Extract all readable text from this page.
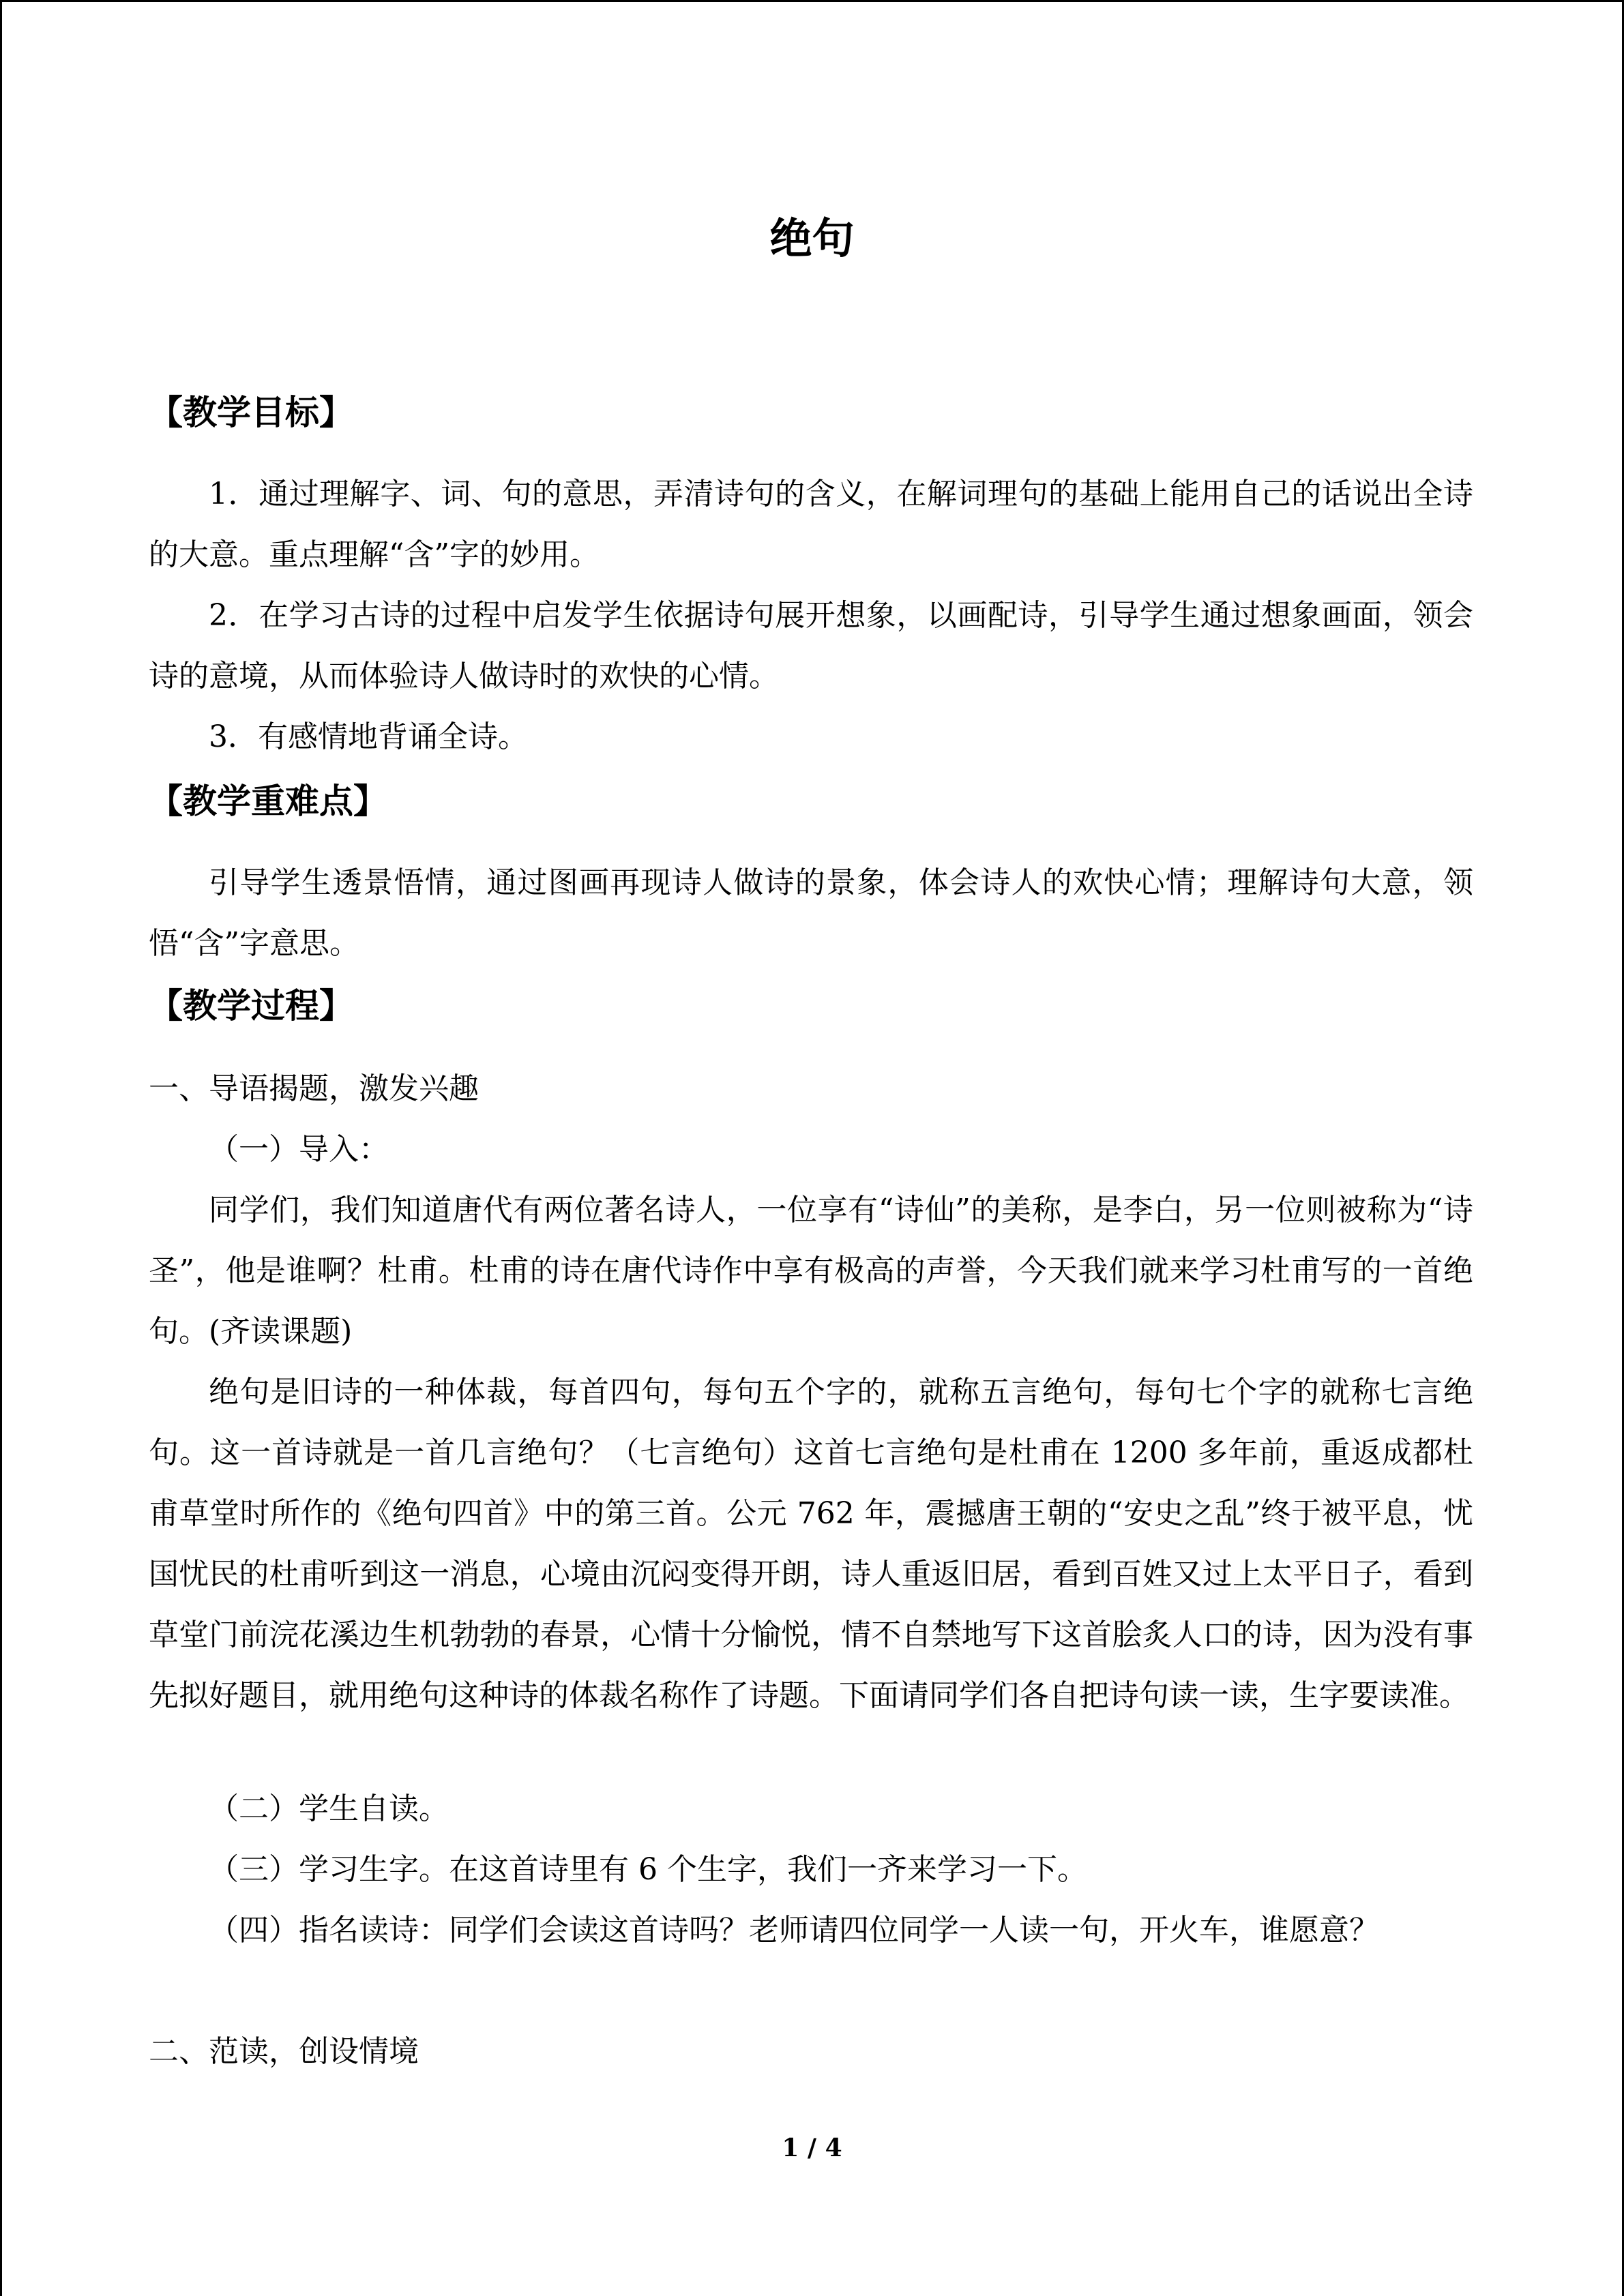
绝句
【教学目标】
1．通过理解字、词、句的意思，弄清诗句的含义，在解词理句的基础上能用自己的话说出全诗的大意。重点理解“含”字的妙用。
2．在学习古诗的过程中启发学生依据诗句展开想象，以画配诗，引导学生通过想象画面，领会诗的意境，从而体验诗人做诗时的欢快的心情。
3．有感情地背诵全诗。
【教学重难点】
引导学生透景悟情，通过图画再现诗人做诗的景象，体会诗人的欢快心情；理解诗句大意，领悟“含”字意思。
【教学过程】
一、导语揭题，激发兴趣
（一）导入：
同学们，我们知道唐代有两位著名诗人，一位享有“诗仙”的美称，是李白，另一位则被称为“诗圣”，他是谁啊？杜甫。杜甫的诗在唐代诗作中享有极高的声誉，今天我们就来学习杜甫写的一首绝句。(齐读课题)
绝句是旧诗的一种体裁，每首四句，每句五个字的，就称五言绝句，每句七个字的就称七言绝句。这一首诗就是一首几言绝句？（七言绝句）这首七言绝句是杜甫在 1200 多年前，重返成都杜甫草堂时所作的《绝句四首》中的第三首。公元 762 年，震撼唐王朝的“安史之乱”终于被平息，忧国忧民的杜甫听到这一消息，心境由沉闷变得开朗，诗人重返旧居，看到百姓又过上太平日子，看到草堂门前浣花溪边生机勃勃的春景，心情十分愉悦，情不自禁地写下这首脍炙人口的诗，因为没有事先拟好题目，就用绝句这种诗的体裁名称作了诗题。下面请同学们各自把诗句读一读，生字要读准。
（二）学生自读。
（三）学习生字。在这首诗里有 6 个生字，我们一齐来学习一下。
（四）指名读诗：同学们会读这首诗吗？老师请四位同学一人读一句，开火车，谁愿意？
二、范读，创设情境
1 / 4
